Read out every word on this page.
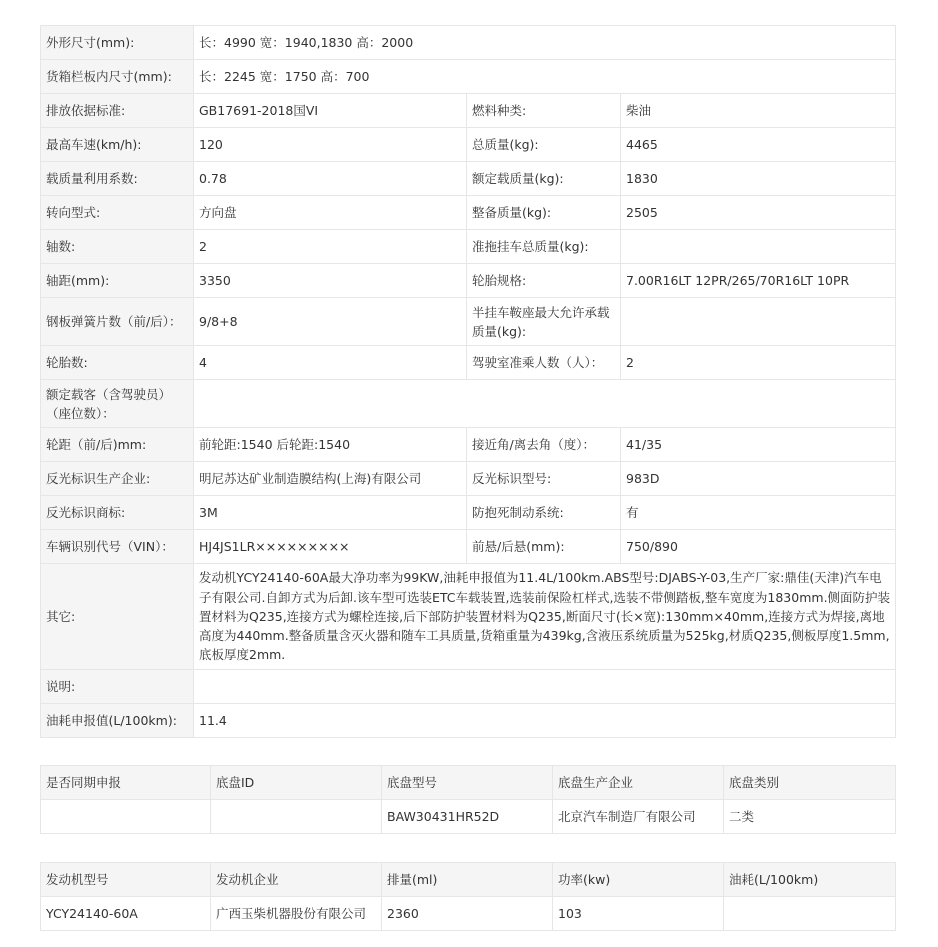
外形尺寸(mm):	长：4990 宽：1940,1830 高：2000		
货箱栏板内尺寸(mm):	长：2245 宽：1750 高：700		
排放依据标准:	GB17691-2018国VI	燃料种类:	柴油
最高车速(km/h):	120	总质量(kg):	4465
载质量利用系数:	0.78	额定载质量(kg):	1830
转向型式:	方向盘	整备质量(kg):	2505
轴数:	2	准拖挂车总质量(kg):	
轴距(mm):	3350	轮胎规格:	7.00R16LT 12PR/265/70R16LT 10PR
钢板弹簧片数（前/后）：	9/8+8	半挂车鞍座最大允许承载质量(kg):	
轮胎数:	4	驾驶室准乘人数（人）：	2
额定载客（含驾驶员）（座位数）：			
轮距（前/后)mm:	前轮距:1540 后轮距:1540	接近角/离去角（度）：	41/35
反光标识生产企业:	明尼苏达矿业制造膜结构(上海)有限公司	反光标识型号:	983D
反光标识商标:	3M	防抱死制动系统:	有
车辆识别代号（VIN）：	HJ4JS1LR×××××××××	前悬/后悬(mm):	750/890
其它:	发动机YCY24140-60A最大净功率为99KW,油耗申报值为11.4L/100km.ABS型号:DJABS-Y-03,生产厂家:鼎佳(天津)汽车电子有限公司.自卸方式为后卸.该车型可选装ETC车载装置,选装前保险杠样式,选装不带侧踏板,整车宽度为1830mm.侧面防护装置材料为Q235,连接方式为螺栓连接,后下部防护装置材料为Q235,断面尺寸(长×宽):130mm×40mm,连接方式为焊接,离地高度为440mm.整备质量含灭火器和随车工具质量,货箱重量为439kg,含液压系统质量为525kg,材质Q235,侧板厚度1.5mm,底板厚度2mm.		
说明:			
油耗申报值(L/100km):	11.4		
是否同期申报	底盘ID	底盘型号	底盘生产企业	底盘类别
		BAW30431HR52D	北京汽车制造厂有限公司	二类
发动机型号	发动机企业	排量(ml)	功率(kw)	油耗(L/100km)
YCY24140-60A	广西玉柴机器股份有限公司	2360	103	
